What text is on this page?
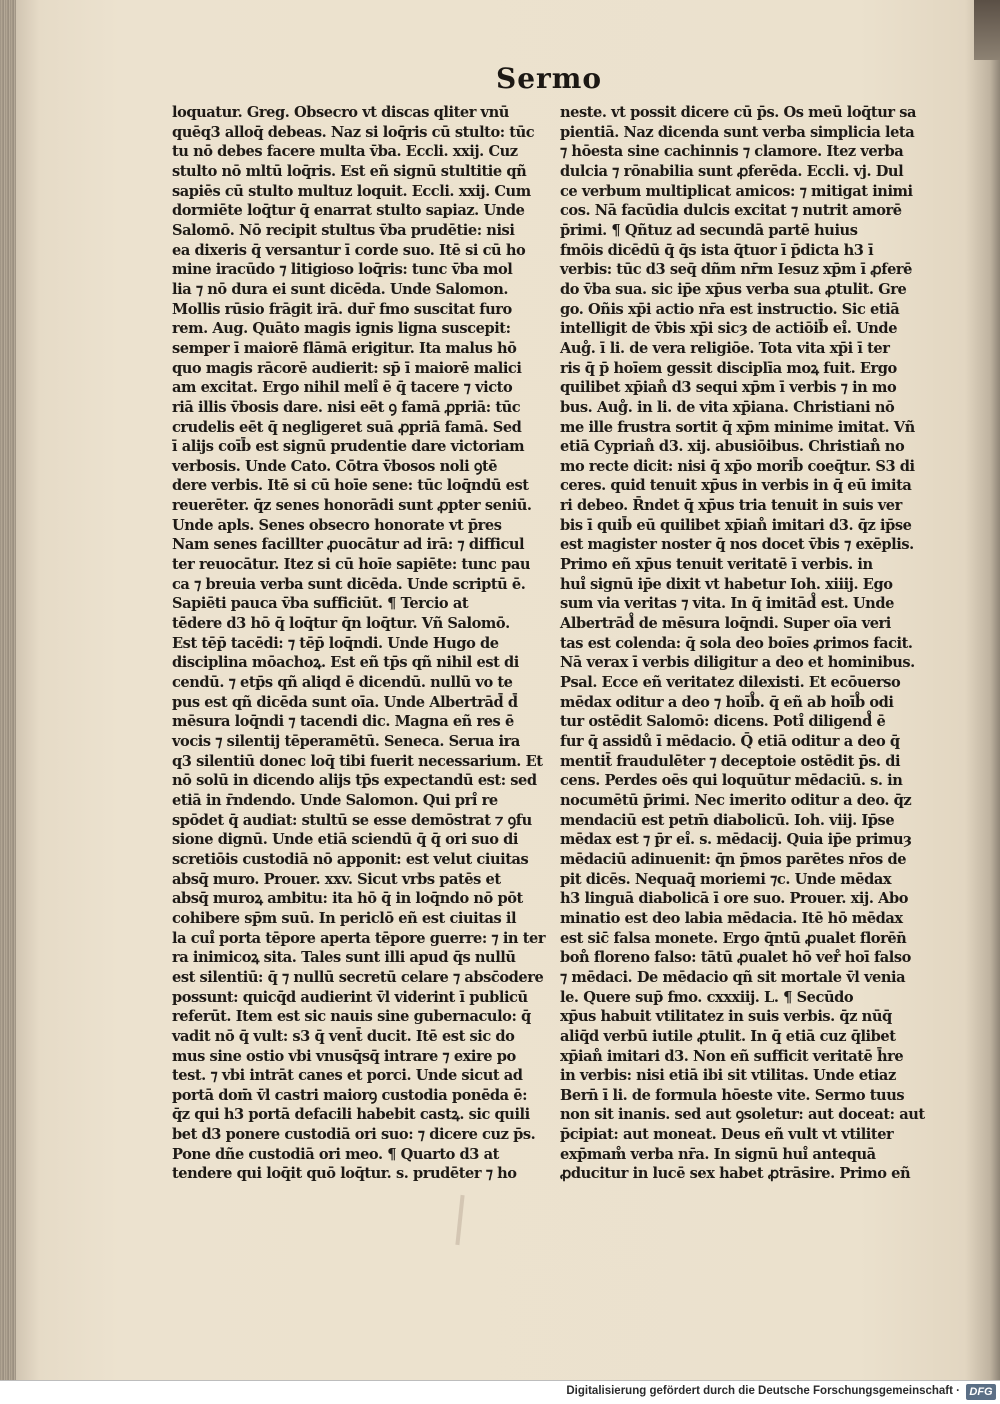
Sermo
loquatur. Greg. Obsecro vt discas qliter vnū
quēq3 alloq̄ debeas. Naz si loq̄ris cū stulto: tūc
tu nō debes facere multa v̄ba. Eccli. xxij. Cuz
stulto nō mltū loq̄ris. Est eñ signū stultitie qñ
sapiēs cū stulto multuz loquit. Eccli. xxij. Cum
dormiēte loq̄tur q̄ enarrat stulto sapiaz. Unde
Salomō. Nō recipit stultus v̄ba prudētie: nisi
ea dixeris q̄ versantur ī corde suo. Itē si cū ho
mine iracūdo ⁊ litigioso loq̄ris: tunc v̄ba mol
lia ⁊ nō dura ei sunt dicēda. Unde Salomon.
Mollis rūsio frāgit irā. dur̄ fmo suscitat furo
rem. Aug. Quāto magis ignis ligna suscepit:
semper ī maiorē flāmā erigitur. Ita malus hō
quo magis rācorē audierit: sp̄ ī maiorē malici
am excitat. Ergo nihil meli̊ ē q̄ tacere ⁊ victo
riā illis v̄bosis dare. nisi eēt ꝯ famā ꝓpriā: tūc
crudelis eēt q̄ negligeret suā ꝓpriā famā. Sed
ī alijs coīb̄ est signū prudentie dare victoriam
verbosis. Unde Cato. Cōtra v̄bosos noli ꝯtē
dere verbis. Itē si cū hoīe sene: tūc loq̄ndū est
reuerēter. q̄z senes honorādi sunt ꝓpter seniū.
Unde apls. Senes obsecro honorate vt p̄res
Nam senes facillter ꝓuocātur ad irā: ⁊ difficul
ter reuocātur. Itez si cū hoīe sapiēte: tunc pau
ca ⁊ breuia verba sunt dicēda. Unde scriptū ē.
Sapiēti pauca v̄ba sufficiūt. ¶ Tercio at
tēdere d3 hō q̄ loq̄tur q̄n loq̄tur. Vñ Salomō.
Est tēp̄ tacēdi: ⁊ tēp̄ loq̄ndi. Unde Hugo de
disciplina mōachoꝝ. Est eñ tp̄s qñ nihil est di
cendū. ⁊ etp̄s qñ aliqd ē dicendū. nullū vo te
pus est qñ dicēda sunt oīa. Unde Albertrād̄ d̄
mēsura loq̄ndi ⁊ tacendi dic. Magna eñ res ē
vocis ⁊ silentij tēperamētū. Seneca. Serua ira
q3 silentiū donec loq̄ tibi fuerit necessarium. Et
nō solū in dicendo alijs tp̄s expectandū est: sed
etiā in r̄ndendo. Unde Salomon. Qui pri̊ re
spōdet q̄ audiat: stultū se esse demōstrat ⁊ ꝯfu
sione dignū. Unde etiā sciendū q̄ q̄ ori suo di
scretiōis custodiā nō apponit: est velut ciuitas
absq̄ muro. Prouer. xxv. Sicut vrbs patēs et
absq̄ muroꝝ ambitu: ita hō q̄ in loq̄ndo nō pōt
cohibere sp̄m suū. In periclō eñ est ciuitas il
la cui̊ porta tēpore aperta tēpore guerre: ⁊ in ter
ra inimicoꝝ sita. Tales sunt illi apud q̄s nullū
est silentiū: q̄ ⁊ nullū secretū celare ⁊ absc̄odere
possunt: quicq̄d audierint v̄l viderint ī publicū
referūt. Item est sic nauis sine gubernaculo: q̄
vadit nō q̄ vult: s3 q̄ vent̄ ducit. Itē est sic do
mus sine ostio vbi vnusq̄sq̄ intrare ⁊ exire po
test. ⁊ vbi intrāt canes et porci. Unde sicut ad
portā dom̄ v̄l castri maiorꝯ custodia ponēda ē:
q̄z qui h3 portā defacili habebit castꝝ. sic quili
bet d3 ponere custodiā ori suo: ⁊ dicere cuz p̄s.
Pone dñe custodiā ori meo. ¶ Quarto d3 at
tendere qui loq̄it quō loq̄tur. s. prudēter ⁊ ho
neste. vt possit dicere cū p̄s. Os meū loq̄tur sa
pientiā. Naz dicenda sunt verba simplicia leta
⁊ hōesta sine cachinnis ⁊ clamore. Itez verba
dulcia ⁊ rōnabilia sunt ꝓferēda. Eccli. vj. Dul
ce verbum multiplicat amicos: ⁊ mitigat inimi
cos. Nā facūdia dulcis excitat ⁊ nutrit amorē
p̄rimi. ¶ Qñtuz ad secundā partē huius
fmōis dicēdū q̄ q̄s ista q̄tuor ī p̄dicta h3 ī
verbis: tūc d3 seq̄ dñm nr̄m Iesuz xp̄m ī ꝓferē
do v̄ba sua. sic ip̄e xp̄us verba sua ꝓtulit. Gre
go. Oñis xp̄i actio nr̄a est instructio. Sic etiā
intelligit de v̄bis xp̄i sicȝ de actiōib̄ ei̊. Unde
Aug̊. ī li. de vera religiōe. Tota vita xp̄i ī ter
ris q̄ p̄ hoīem gessit disciplīa moꝝ fuit. Ergo
quilibet xp̄ian̊ d3 sequi xp̄m ī verbis ⁊ in mo
bus. Aug̊. in li. de vita xp̄iana. Christiani nō
me ille frustra sortit q̄ xp̄m minime imitat. Vñ
etiā Cyprian̊ d3. xij. abusiōibus. Christian̊ no
mo recte dicit: nisi q̄ xp̄o morib̄ coeq̄tur. S3 di
ceres. quid tenuit xp̄us in verbis in q̄ eū imita
ri debeo. R̄ndet q̄ xp̄us tria tenuit in suis ver
bis ī quib̄ eū quilibet xp̄ian̊ imitari d3. q̄z ip̄se
est magister noster q̄ nos docet v̄bis ⁊ exēplis.
Primo eñ xp̄us tenuit veritatē ī verbis. in
hui̊ signū ip̄e dixit vt habetur Ioh. xiiij. Ego
sum via veritas ⁊ vita. In q̄ imitād̊ est. Unde
Albertrād̊ de mēsura loq̄ndi. Super oīa veri
tas est colenda: q̄ sola deo boīes ꝓrimos facit.
Nā verax ī verbis diligitur a deo et hominibus.
Psal. Ecce eñ veritatez dilexisti. Et ecōuerso
mēdax oditur a deo ⁊ hoīb̊. q̄ eñ ab hoīb̊ odi
tur ostēdit Salomō: dicens. Poti̊ diligend̊ ē
fur q̄ assidů ī mēdacio. Q̄ etiā oditur a deo q̄
mentit̄ fraudulēter ⁊ deceptoie ostēdit p̄s. di
cens. Perdes oēs qui loquūtur mēdaciū. s. in
nocumētū p̄rimi. Nec imerito oditur a deo. q̄z
mendaciū est petm̄ diabolicū. Ioh. viij. Ip̄se
mēdax est ⁊ p̄r ei̊. s. mēdacij. Quia ip̄e primuȝ
mēdaciū adinuenit: q̄n p̄mos parētes nr̄os de
pit dicēs. Nequaq̄ moriemi ⁊c. Unde mēdax
h3 linguā diabolicā ī ore suo. Prouer. xij. Abo
minatio est deo labia mēdacia. Itē hō mēdax
est sic̄ falsa monete. Ergo q̄ntū ꝓualet florēn̄
bon̊ floreno falso: tātū ꝓualet hō ver̊ hoī falso
⁊ mēdaci. De mēdacio qñ sit mortale v̄l venia
le. Quere sup̄ fmo. cxxxiij. L. ¶ Secūdo
xp̄us habuit vtilitatez in suis verbis. q̄z nūq̄
aliq̄d verbū iutile ꝓtulit. In q̄ etiā cuz q̄libet
xp̄ian̊ imitari d3. Non eñ sufficit veritatē h̄re
in verbis: nisi etiā ibi sit vtilitas. Unde etiaz
Bern̄ ī li. de formula hōeste vite. Sermo tuus
non sit inanis. sed aut ꝯsoletur: aut doceat: aut
p̄cipiat: aut moneat. Deus eñ vult vt vtiliter
exp̄mam̊ verba nr̄a. In signū hui̊ antequā
ꝓducitur in lucē sex habet ꝓtrāsire. Primo eñ
Digitalisierung gefördert durch die Deutsche Forschungsgemeinschaft · DFG
